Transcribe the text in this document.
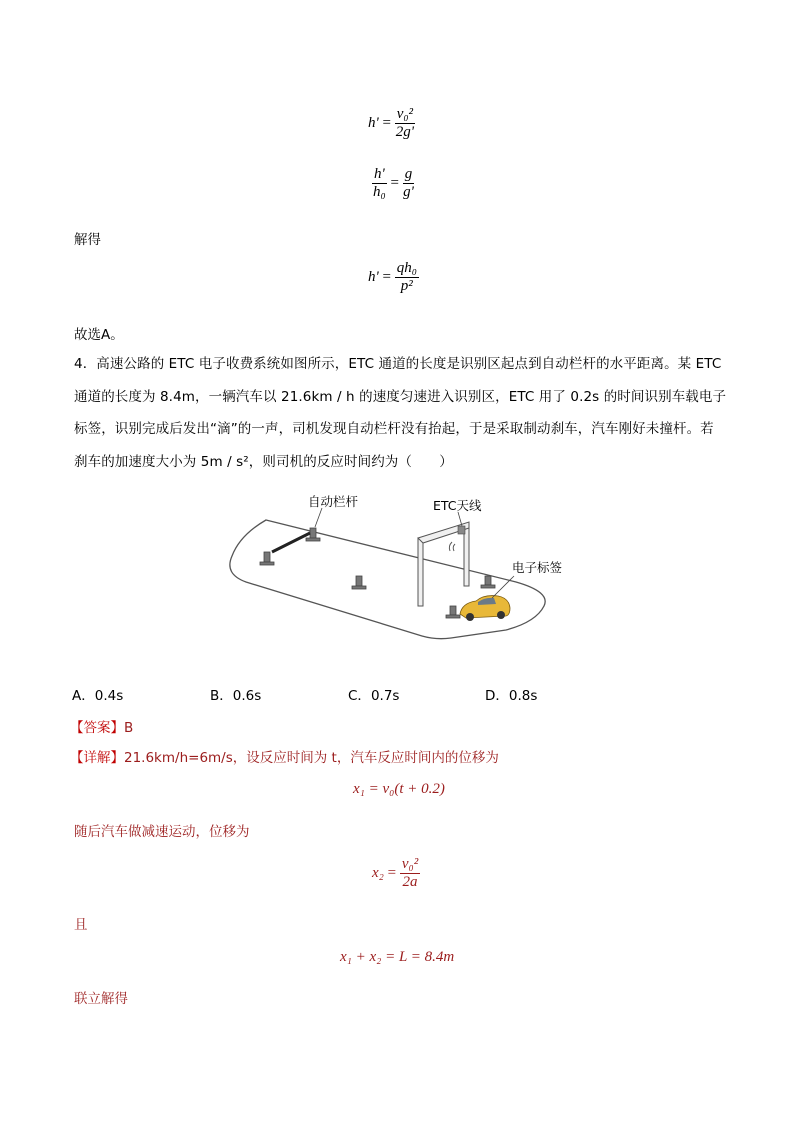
$h' = \frac{\text{v₀²}}{2g'}$
$\frac{h'}{\text{h₀}} = \frac{g}{g'}$
解得
$h' = \frac{\text{qh₀}}{\text{p²}}$
故选A。
4．高速公路的 ETC 电子收费系统如图所示，ETC 通道的长度是识别区起点到自动栏杆的水平距离。某 ETC
通道的长度为 8.4m，一辆汽车以 21.6km / h 的速度匀速进入识别区，ETC 用了 0.2s 的时间识别车载电子
标签，识别完成后发出“滴”的一声，司机发现自动栏杆没有抬起，于是采取制动刹车，汽车刚好未撞杆。若
刹车的加速度大小为 5m / s²，则司机的反应时间约为（　　）
自动栏杆	ETC天线
电子标签
A．0.4s	B．0.6s	C．0.7s	D．0.8s
【答案】B
【详解】21.6km/h=6m/s，设反应时间为 t，汽车反应时间内的位移为
x₁ = v₀(t + 0.2)
随后汽车做减速运动，位移为
$x_2 = \frac{\text{v₀²}}{2a}$
且
x₁ + x₂ = L = 8.4m
联立解得
